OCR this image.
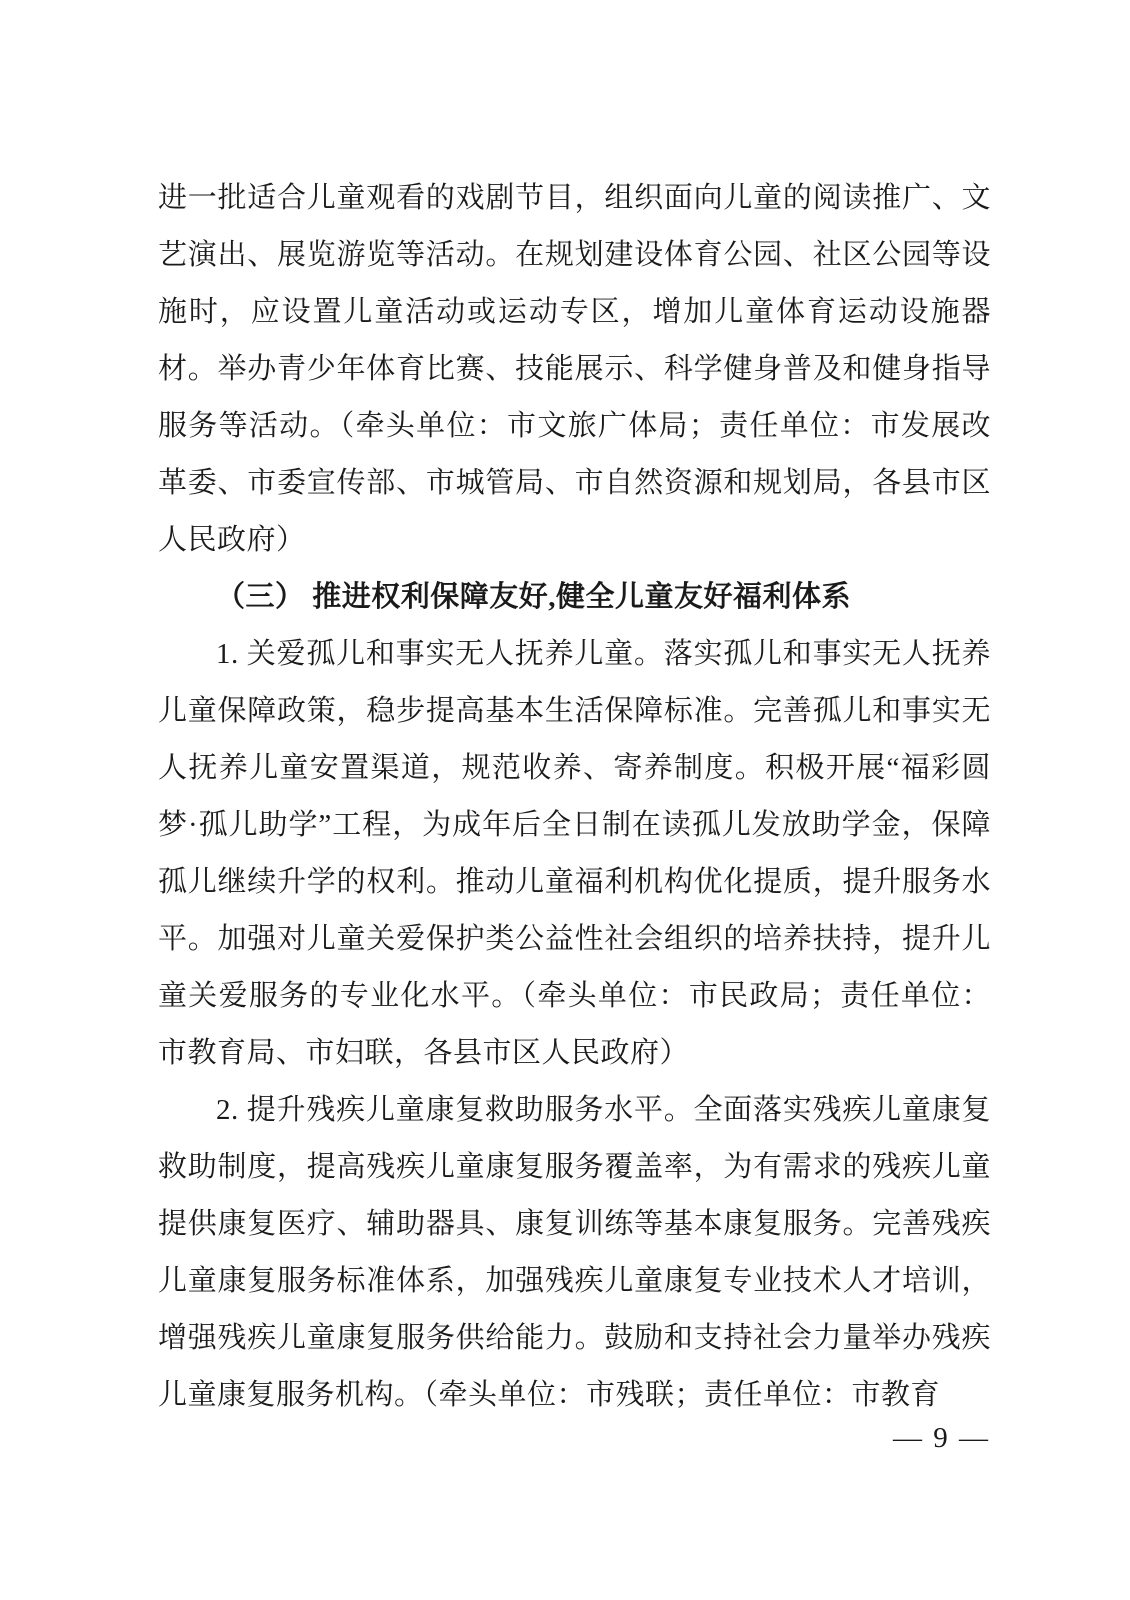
进一批适合儿童观看的戏剧节目，组织面向儿童的阅读推广、文艺演出、展览游览等活动。在规划建设体育公园、社区公园等设施时，应设置儿童活动或运动专区，增加儿童体育运动设施器材。举办青少年体育比赛、技能展示、科学健身普及和健身指导服务等活动。（牵头单位：市文旅广体局；责任单位：市发展改革委、市委宣传部、市城管局、市自然资源和规划局，各县市区人民政府）

（三） 推进权利保障友好,健全儿童友好福利体系

1. 关爱孤儿和事实无人抚养儿童。落实孤儿和事实无人抚养儿童保障政策，稳步提高基本生活保障标准。完善孤儿和事实无人抚养儿童安置渠道，规范收养、寄养制度。积极开展“福彩圆梦·孤儿助学”工程，为成年后全日制在读孤儿发放助学金，保障孤儿继续升学的权利。推动儿童福利机构优化提质，提升服务水平。加强对儿童关爱保护类公益性社会组织的培养扶持，提升儿童关爱服务的专业化水平。（牵头单位：市民政局；责任单位：市教育局、市妇联，各县市区人民政府）

2. 提升残疾儿童康复救助服务水平。全面落实残疾儿童康复救助制度，提高残疾儿童康复服务覆盖率，为有需求的残疾儿童提供康复医疗、辅助器具、康复训练等基本康复服务。完善残疾儿童康复服务标准体系，加强残疾儿童康复专业技术人才培训，增强残疾儿童康复服务供给能力。鼓励和支持社会力量举办残疾儿童康复服务机构。（牵头单位：市残联；责任单位：市教育

— 9 —
